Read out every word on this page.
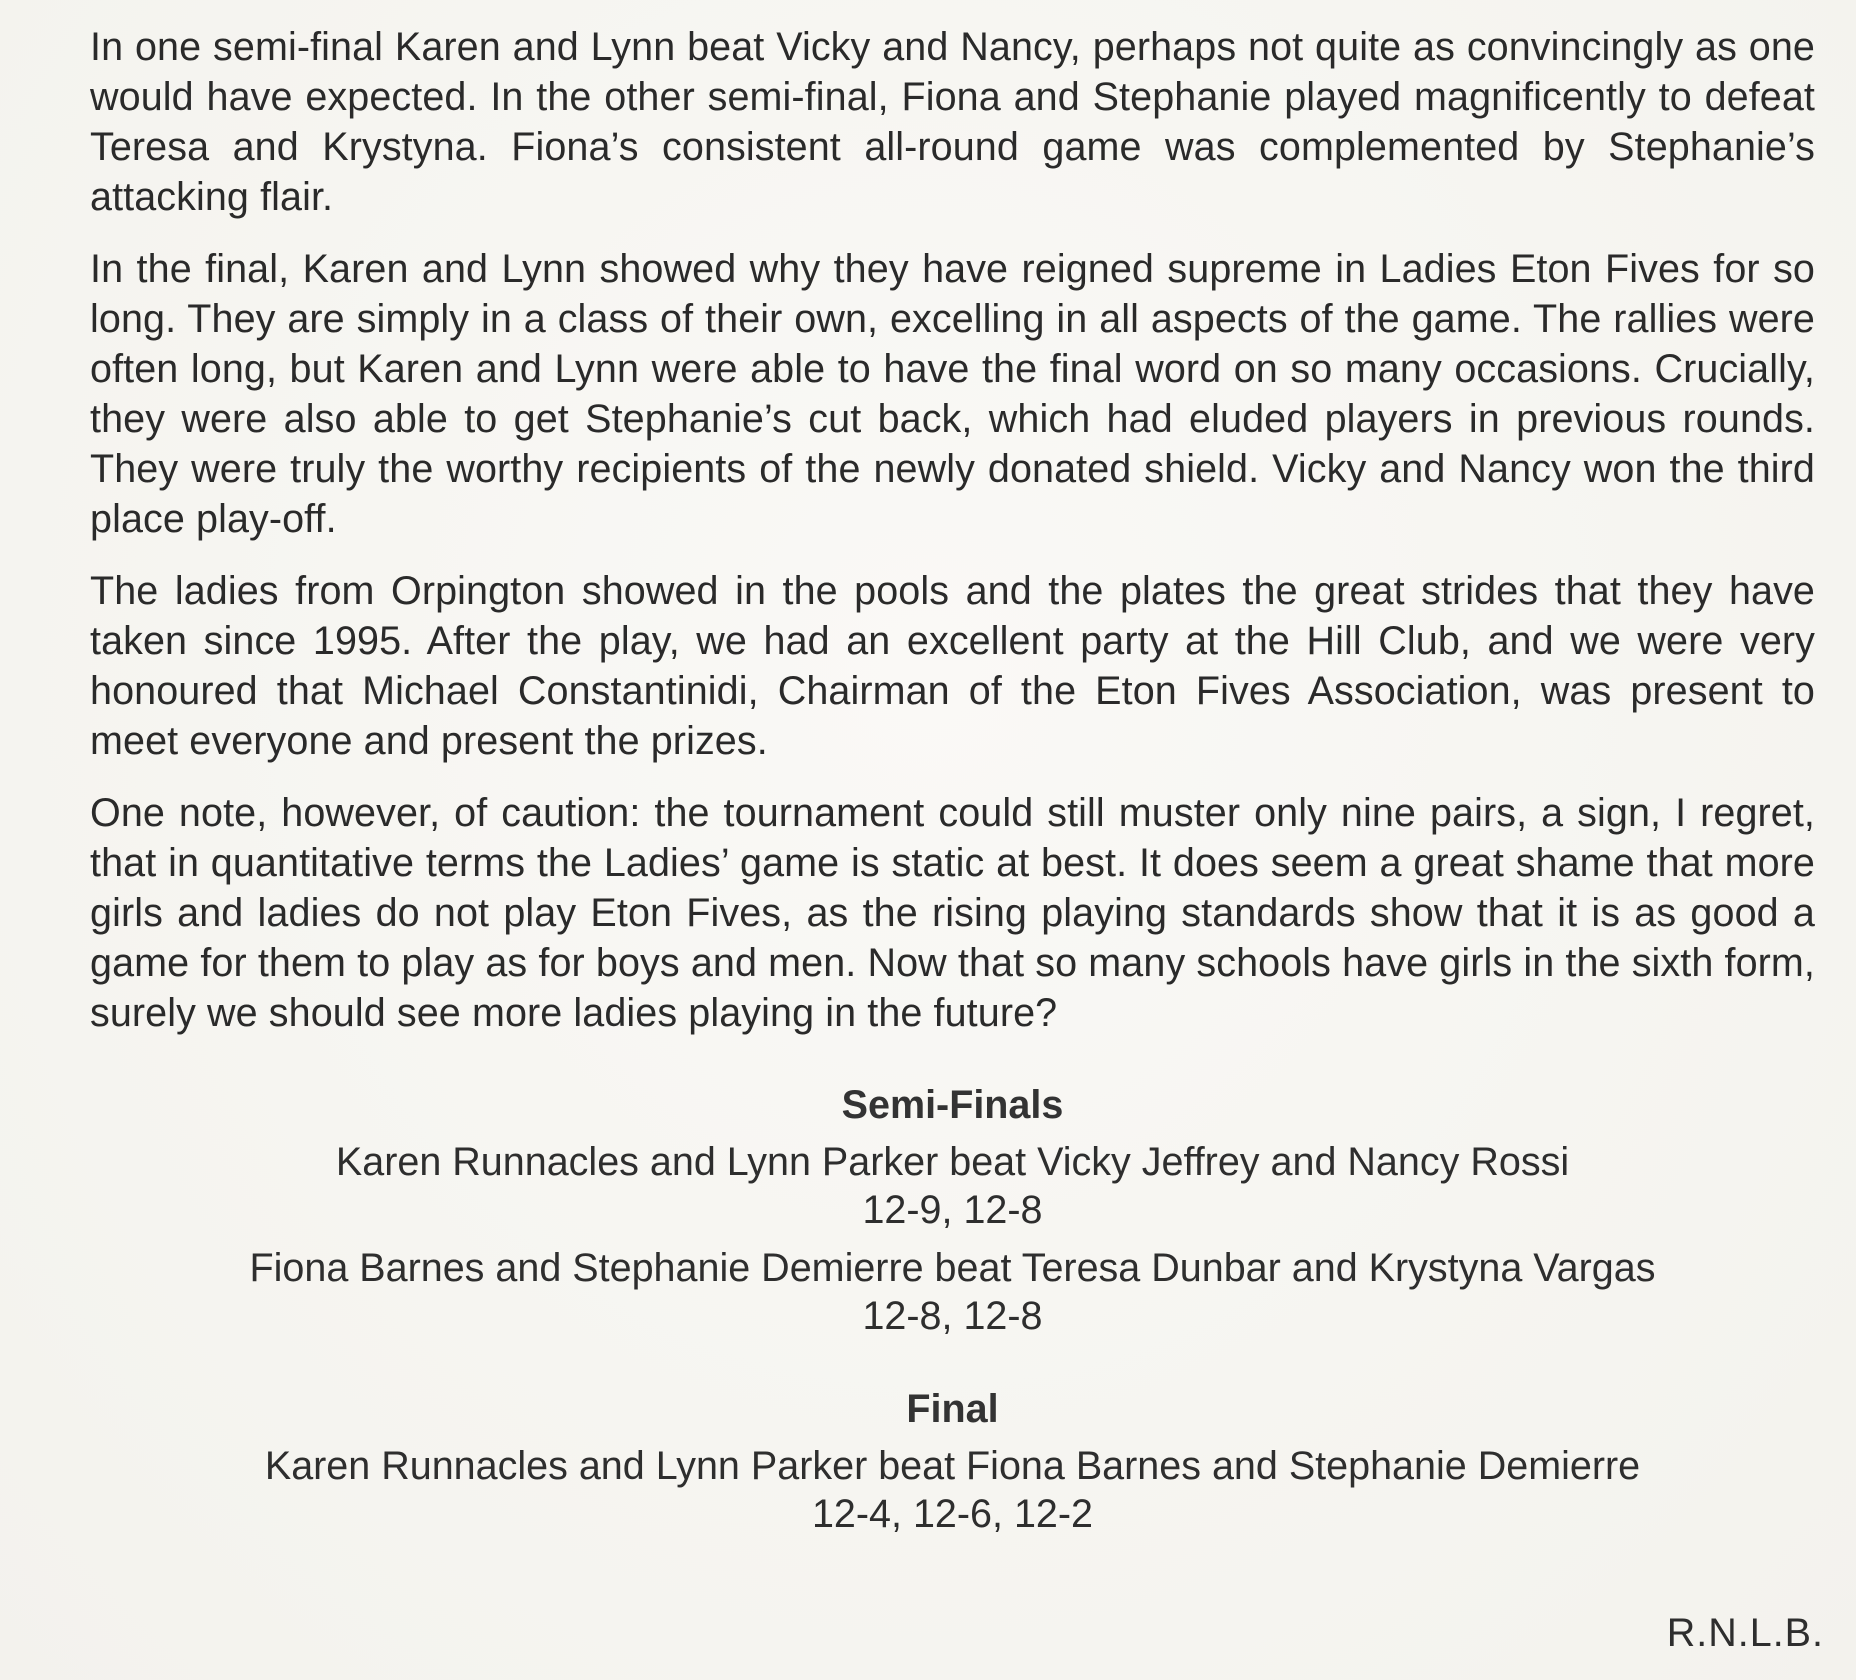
In one semi-final Karen and Lynn beat Vicky and Nancy, perhaps not quite as convincingly as one would have expected. In the other semi-final, Fiona and Stephanie played magnificently to defeat Teresa and Krystyna. Fiona’s consistent all-round game was complemented by Stephanie’s attacking flair.

In the final, Karen and Lynn showed why they have reigned supreme in Ladies Eton Fives for so long. They are simply in a class of their own, excelling in all aspects of the game. The rallies were often long, but Karen and Lynn were able to have the final word on so many occasions. Crucially, they were also able to get Stephanie’s cut back, which had eluded players in previous rounds. They were truly the worthy recipients of the newly donated shield. Vicky and Nancy won the third place play-off.

The ladies from Orpington showed in the pools and the plates the great strides that they have taken since 1995. After the play, we had an excellent party at the Hill Club, and we were very honoured that Michael Constantinidi, Chairman of the Eton Fives Association, was present to meet everyone and present the prizes.

One note, however, of caution: the tournament could still muster only nine pairs, a sign, I regret, that in quantitative terms the Ladies’ game is static at best. It does seem a great shame that more girls and ladies do not play Eton Fives, as the rising playing standards show that it is as good a game for them to play as for boys and men. Now that so many schools have girls in the sixth form, surely we should see more ladies playing in the future?

Semi-Finals
Karen Runnacles and Lynn Parker beat Vicky Jeffrey and Nancy Rossi
12-9, 12-8
Fiona Barnes and Stephanie Demierre beat Teresa Dunbar and Krystyna Vargas
12-8, 12-8
Final
Karen Runnacles and Lynn Parker beat Fiona Barnes and Stephanie Demierre
12-4, 12-6, 12-2
R.N.L.B.
